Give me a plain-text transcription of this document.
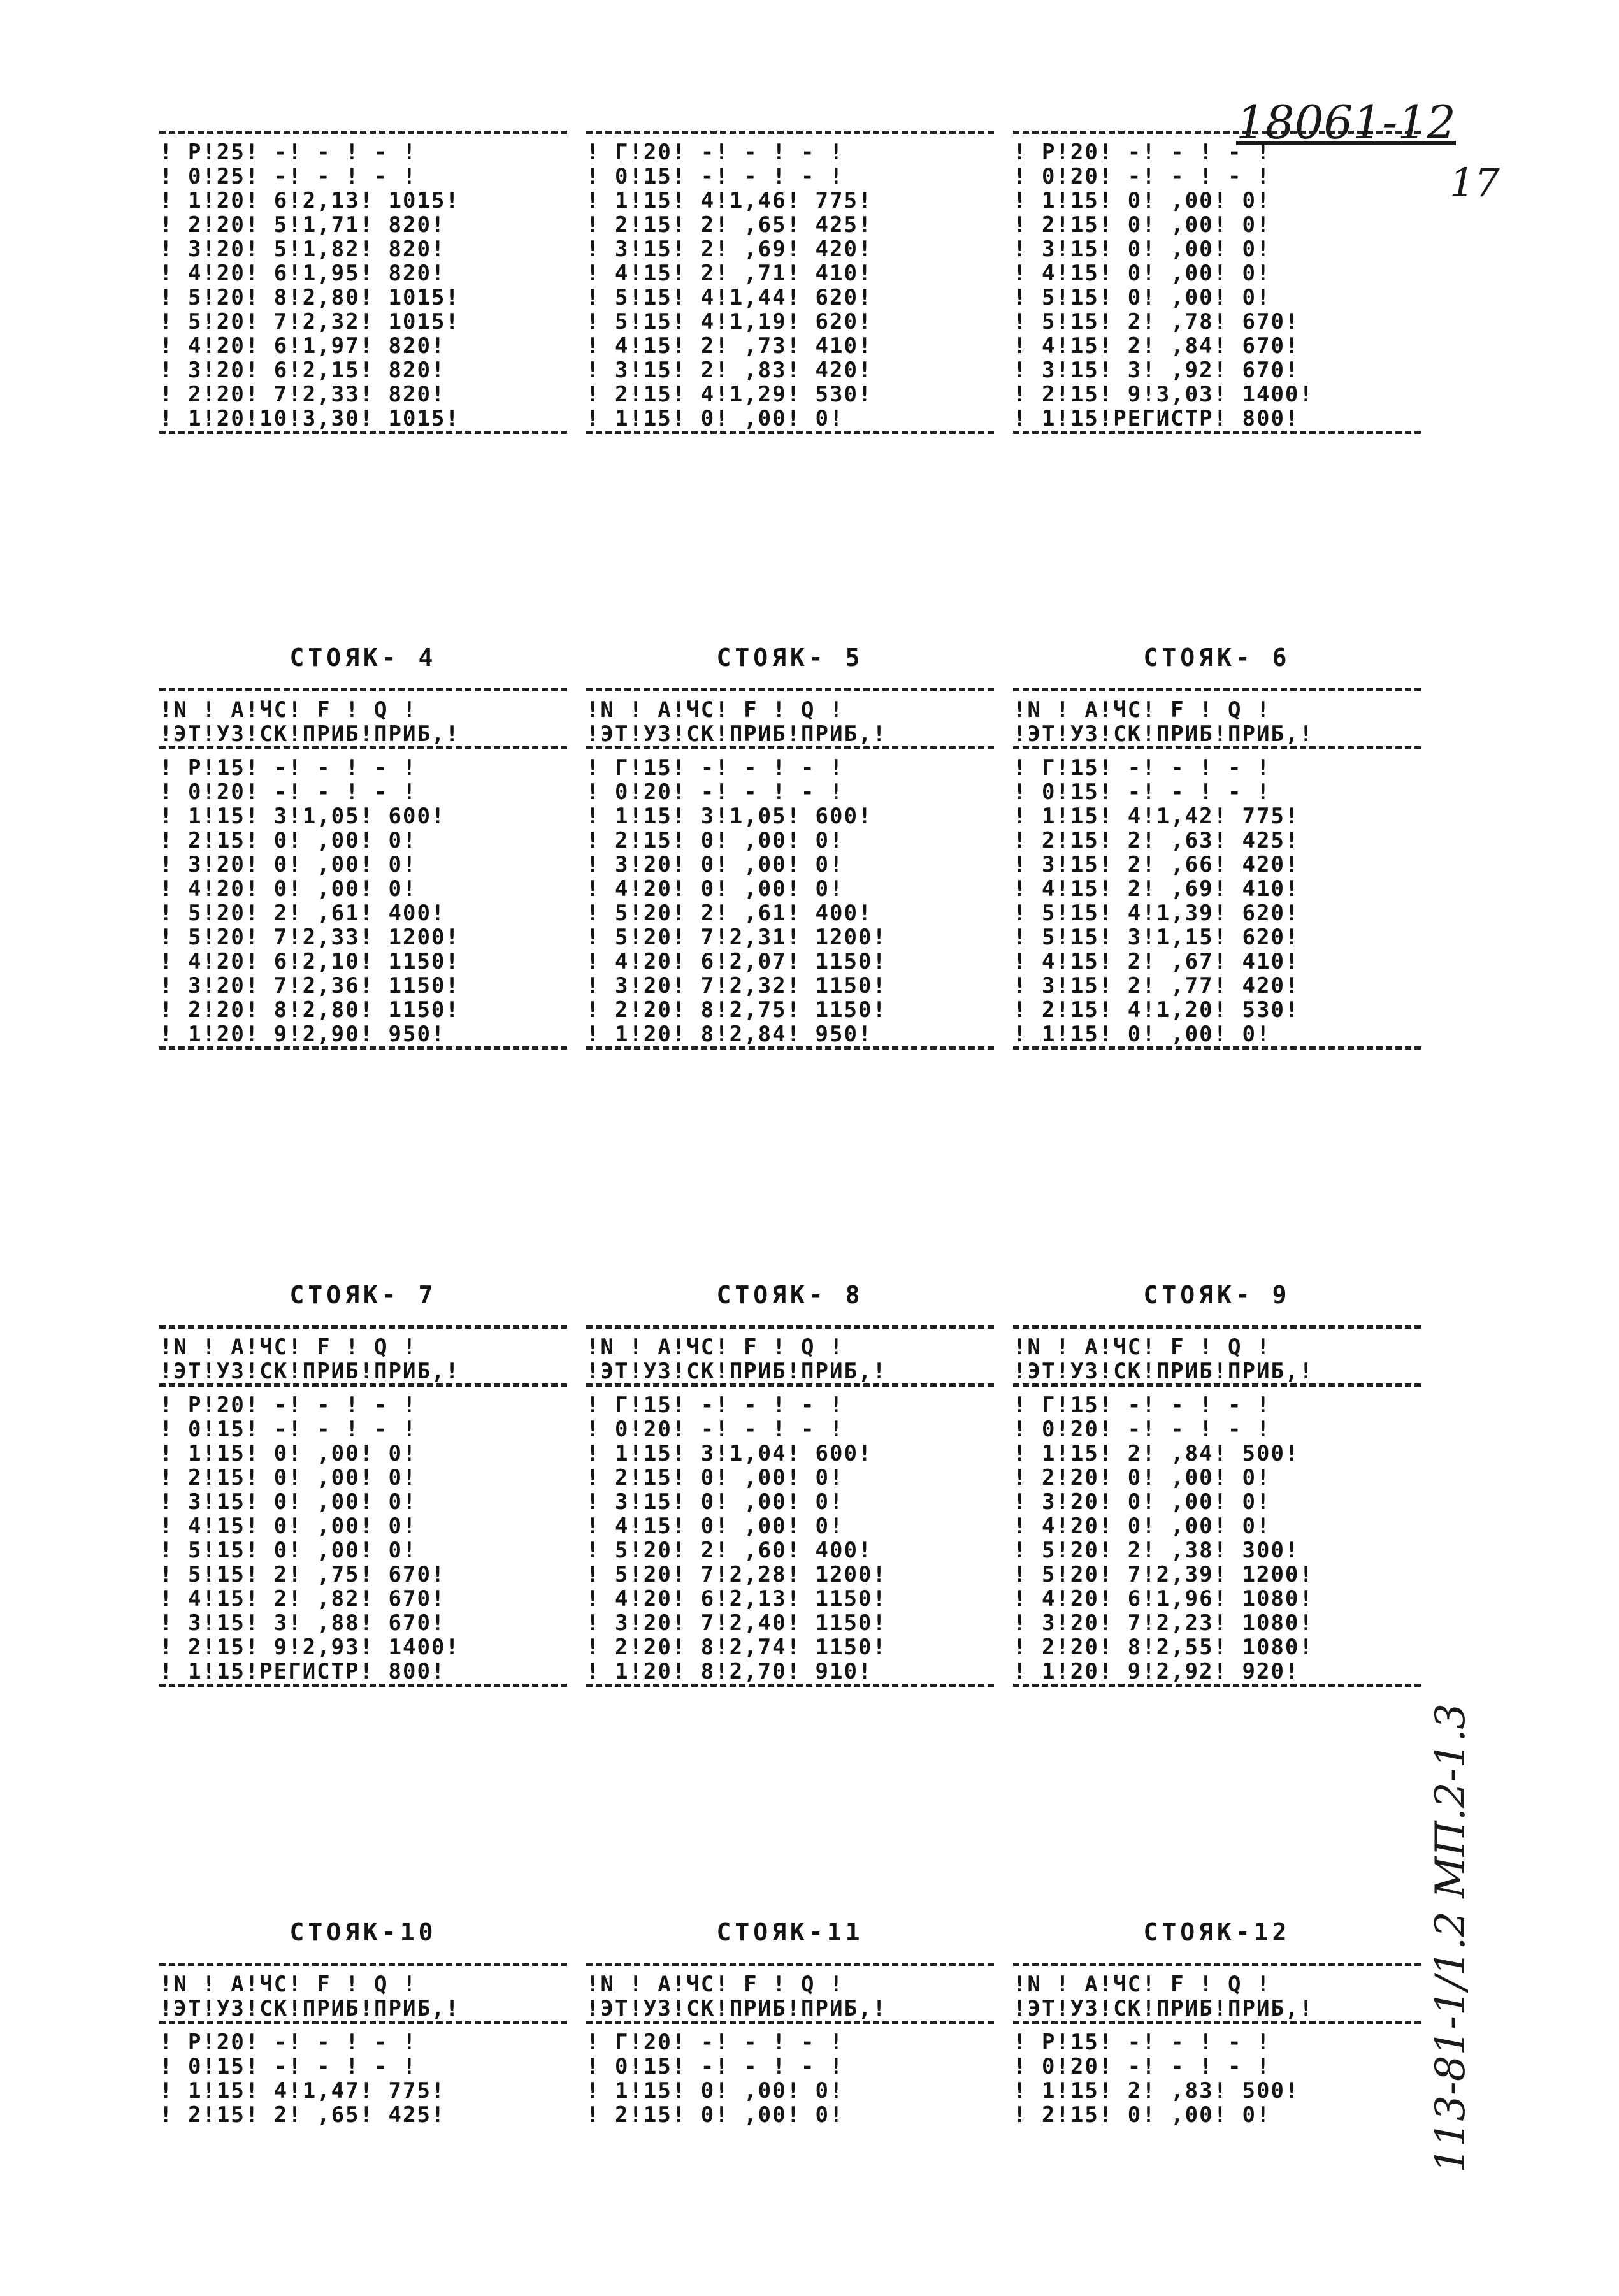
18061-12
17
113-81-1/1.2 МП.2-1.3
! Р!25! -! - ! - !
! 0!25! -! - ! - !
! 1!20! 6!2,13! 1015!
! 2!20! 5!1,71! 820!
! 3!20! 5!1,82! 820!
! 4!20! 6!1,95! 820!
! 5!20! 8!2,80! 1015!
! 5!20! 7!2,32! 1015!
! 4!20! 6!1,97! 820!
! 3!20! 6!2,15! 820!
! 2!20! 7!2,33! 820!
! 1!20!10!3,30! 1015!
! Г!20! -! - ! - !
! 0!15! -! - ! - !
! 1!15! 4!1,46! 775!
! 2!15! 2! ,65! 425!
! 3!15! 2! ,69! 420!
! 4!15! 2! ,71! 410!
! 5!15! 4!1,44! 620!
! 5!15! 4!1,19! 620!
! 4!15! 2! ,73! 410!
! 3!15! 2! ,83! 420!
! 2!15! 4!1,29! 530!
! 1!15! 0! ,00! 0!
! Р!20! -! - ! - !
! 0!20! -! - ! - !
! 1!15! 0! ,00! 0!
! 2!15! 0! ,00! 0!
! 3!15! 0! ,00! 0!
! 4!15! 0! ,00! 0!
! 5!15! 0! ,00! 0!
! 5!15! 2! ,78! 670!
! 4!15! 2! ,84! 670!
! 3!15! 3! ,92! 670!
! 2!15! 9!3,03! 1400!
! 1!15!РЕГИСТР! 800!
СТОЯК- 4	СТОЯК- 5	СТОЯК- 6
!N ! А!ЧС! F ! Q !
!ЭТ!УЗ!СК!ПРИБ!ПРИБ,!
! Р!15! -! - ! - !
! 0!20! -! - ! - !
! 1!15! 3!1,05! 600!
! 2!15! 0! ,00! 0!
! 3!20! 0! ,00! 0!
! 4!20! 0! ,00! 0!
! 5!20! 2! ,61! 400!
! 5!20! 7!2,33! 1200!
! 4!20! 6!2,10! 1150!
! 3!20! 7!2,36! 1150!
! 2!20! 8!2,80! 1150!
! 1!20! 9!2,90! 950!
!N ! А!ЧС! F ! Q !
!ЭТ!УЗ!СК!ПРИБ!ПРИБ,!
! Г!15! -! - ! - !
! 0!20! -! - ! - !
! 1!15! 3!1,05! 600!
! 2!15! 0! ,00! 0!
! 3!20! 0! ,00! 0!
! 4!20! 0! ,00! 0!
! 5!20! 2! ,61! 400!
! 5!20! 7!2,31! 1200!
! 4!20! 6!2,07! 1150!
! 3!20! 7!2,32! 1150!
! 2!20! 8!2,75! 1150!
! 1!20! 8!2,84! 950!
!N ! А!ЧС! F ! Q !
!ЭТ!УЗ!СК!ПРИБ!ПРИБ,!
! Г!15! -! - ! - !
! 0!15! -! - ! - !
! 1!15! 4!1,42! 775!
! 2!15! 2! ,63! 425!
! 3!15! 2! ,66! 420!
! 4!15! 2! ,69! 410!
! 5!15! 4!1,39! 620!
! 5!15! 3!1,15! 620!
! 4!15! 2! ,67! 410!
! 3!15! 2! ,77! 420!
! 2!15! 4!1,20! 530!
! 1!15! 0! ,00! 0!
СТОЯК- 7	СТОЯК- 8	СТОЯК- 9
!N ! А!ЧС! F ! Q !
!ЭТ!УЗ!СК!ПРИБ!ПРИБ,!
! Р!20! -! - ! - !
! 0!15! -! - ! - !
! 1!15! 0! ,00! 0!
! 2!15! 0! ,00! 0!
! 3!15! 0! ,00! 0!
! 4!15! 0! ,00! 0!
! 5!15! 0! ,00! 0!
! 5!15! 2! ,75! 670!
! 4!15! 2! ,82! 670!
! 3!15! 3! ,88! 670!
! 2!15! 9!2,93! 1400!
! 1!15!РЕГИСТР! 800!
!N ! А!ЧС! F ! Q !
!ЭТ!УЗ!СК!ПРИБ!ПРИБ,!
! Г!15! -! - ! - !
! 0!20! -! - ! - !
! 1!15! 3!1,04! 600!
! 2!15! 0! ,00! 0!
! 3!15! 0! ,00! 0!
! 4!15! 0! ,00! 0!
! 5!20! 2! ,60! 400!
! 5!20! 7!2,28! 1200!
! 4!20! 6!2,13! 1150!
! 3!20! 7!2,40! 1150!
! 2!20! 8!2,74! 1150!
! 1!20! 8!2,70! 910!
!N ! А!ЧС! F ! Q !
!ЭТ!УЗ!СК!ПРИБ!ПРИБ,!
! Г!15! -! - ! - !
! 0!20! -! - ! - !
! 1!15! 2! ,84! 500!
! 2!20! 0! ,00! 0!
! 3!20! 0! ,00! 0!
! 4!20! 0! ,00! 0!
! 5!20! 2! ,38! 300!
! 5!20! 7!2,39! 1200!
! 4!20! 6!1,96! 1080!
! 3!20! 7!2,23! 1080!
! 2!20! 8!2,55! 1080!
! 1!20! 9!2,92! 920!
СТОЯК-10	СТОЯК-11	СТОЯК-12
!N ! А!ЧС! F ! Q !
!ЭТ!УЗ!СК!ПРИБ!ПРИБ,!
! Р!20! -! - ! - !
! 0!15! -! - ! - !
! 1!15! 4!1,47! 775!
! 2!15! 2! ,65! 425!
!N ! А!ЧС! F ! Q !
!ЭТ!УЗ!СК!ПРИБ!ПРИБ,!
! Г!20! -! - ! - !
! 0!15! -! - ! - !
! 1!15! 0! ,00! 0!
! 2!15! 0! ,00! 0!
!N ! А!ЧС! F ! Q !
!ЭТ!УЗ!СК!ПРИБ!ПРИБ,!
! Р!15! -! - ! - !
! 0!20! -! - ! - !
! 1!15! 2! ,83! 500!
! 2!15! 0! ,00! 0!
